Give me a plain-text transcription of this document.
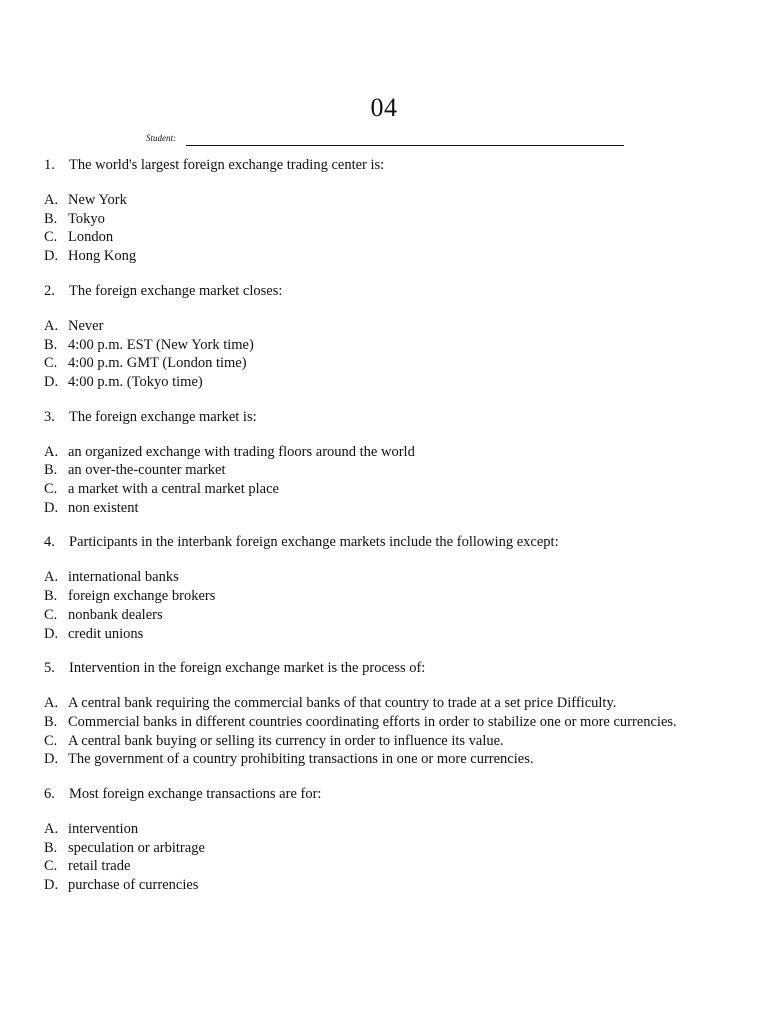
04
Student:
1. The world's largest foreign exchange trading center is:
A. New York
B. Tokyo
C. London
D. Hong Kong
2. The foreign exchange market closes:
A. Never
B. 4:00 p.m. EST (New York time)
C. 4:00 p.m. GMT (London time)
D. 4:00 p.m. (Tokyo time)
3. The foreign exchange market is:
A. an organized exchange with trading floors around the world
B. an over-the-counter market
C. a market with a central market place
D. non existent
4. Participants in the interbank foreign exchange markets include the following except:
A. international banks
B. foreign exchange brokers
C. nonbank dealers
D. credit unions
5. Intervention in the foreign exchange market is the process of:
A. A central bank requiring the commercial banks of that country to trade at a set price Difficulty.
B. Commercial banks in different countries coordinating efforts in order to stabilize one or more currencies.
C. A central bank buying or selling its currency in order to influence its value.
D. The government of a country prohibiting transactions in one or more currencies.
6. Most foreign exchange transactions are for:
A. intervention
B. speculation or arbitrage
C. retail trade
D. purchase of currencies
